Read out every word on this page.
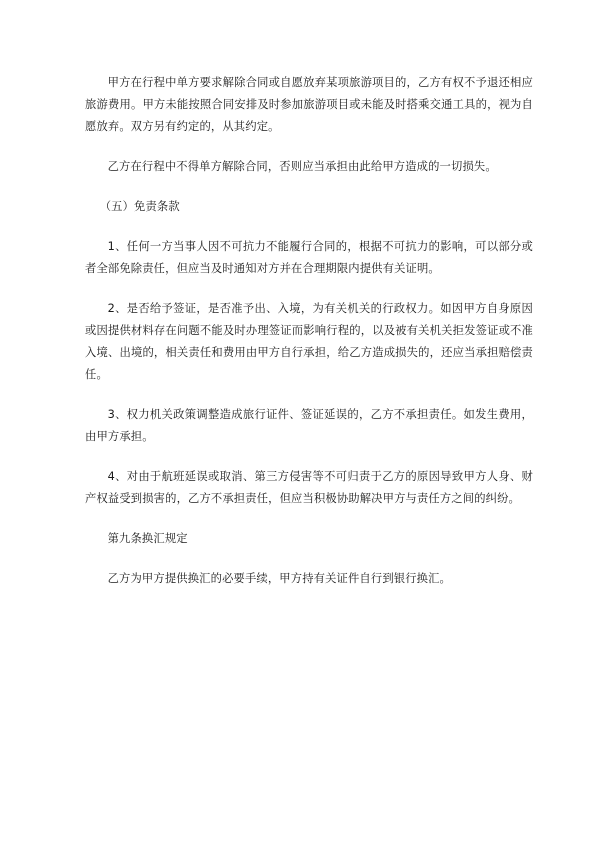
甲方在行程中单方要求解除合同或自愿放弃某项旅游项目的，乙方有权不予退还相应旅游费用。甲方未能按照合同安排及时参加旅游项目或未能及时搭乘交通工具的，视为自愿放弃。双方另有约定的，从其约定。

乙方在行程中不得单方解除合同，否则应当承担由此给甲方造成的一切损失。

（五）免责条款

1、任何一方当事人因不可抗力不能履行合同的，根据不可抗力的影响，可以部分或者全部免除责任，但应当及时通知对方并在合理期限内提供有关证明。

2、是否给予签证，是否准予出、入境，为有关机关的行政权力。如因甲方自身原因或因提供材料存在问题不能及时办理签证而影响行程的，以及被有关机关拒发签证或不准入境、出境的，相关责任和费用由甲方自行承担，给乙方造成损失的，还应当承担赔偿责任。

3、权力机关政策调整造成旅行证件、签证延误的，乙方不承担责任。如发生费用，由甲方承担。

4、对由于航班延误或取消、第三方侵害等不可归责于乙方的原因导致甲方人身、财产权益受到损害的，乙方不承担责任，但应当积极协助解决甲方与责任方之间的纠纷。

第九条换汇规定

乙方为甲方提供换汇的必要手续，甲方持有关证件自行到银行换汇。
